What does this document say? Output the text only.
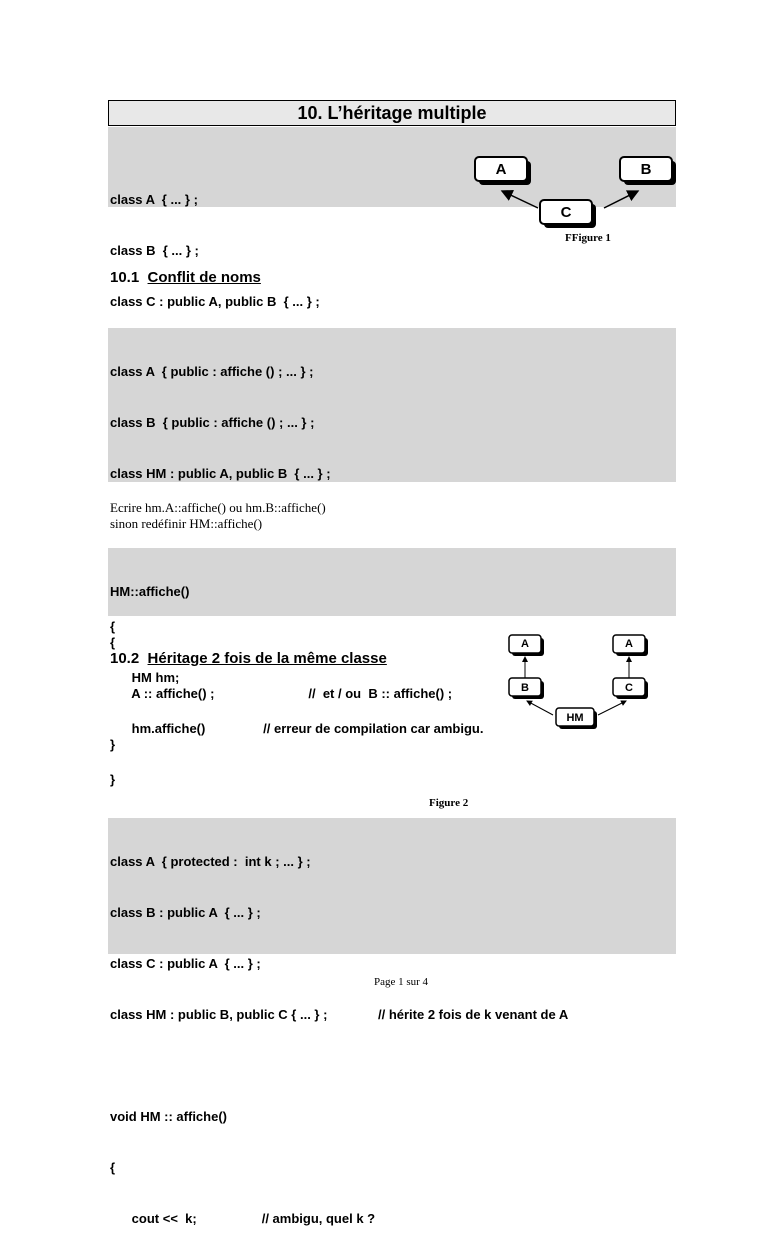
10. L’héritage multiple

class A  { ... } ;

class B  { ... } ;

class C : public A, public B  { ... } ;

A	B
C
FFigure 1
10.1 Conflit de noms

class A  { public : affiche () ; ... } ;

class B  { public : affiche () ; ... } ;

class HM : public A, public B  { ... } ;

{

HM hm;

hm.affiche()                // erreur de compilation car ambigu.

}

Ecrire hm.A::affiche() ou hm.B::affiche()
sinon redéfinir HM::affiche()

HM::affiche()

{

A :: affiche() ;                          //  et / ou  B :: affiche() ;

}

10.2 Héritage 2 fois de la même classe
A	A
B	C
HM
Figure 2

class A  { protected :  int k ; ... } ;

class B : public A  { ... } ;

class C : public A  { ... } ;

class HM : public B, public C { ... } ;              // hérite 2 fois de k venant de A

void HM :: affiche()

{

cout <<  k;                  // ambigu, quel k ?

Page 1 sur 4
